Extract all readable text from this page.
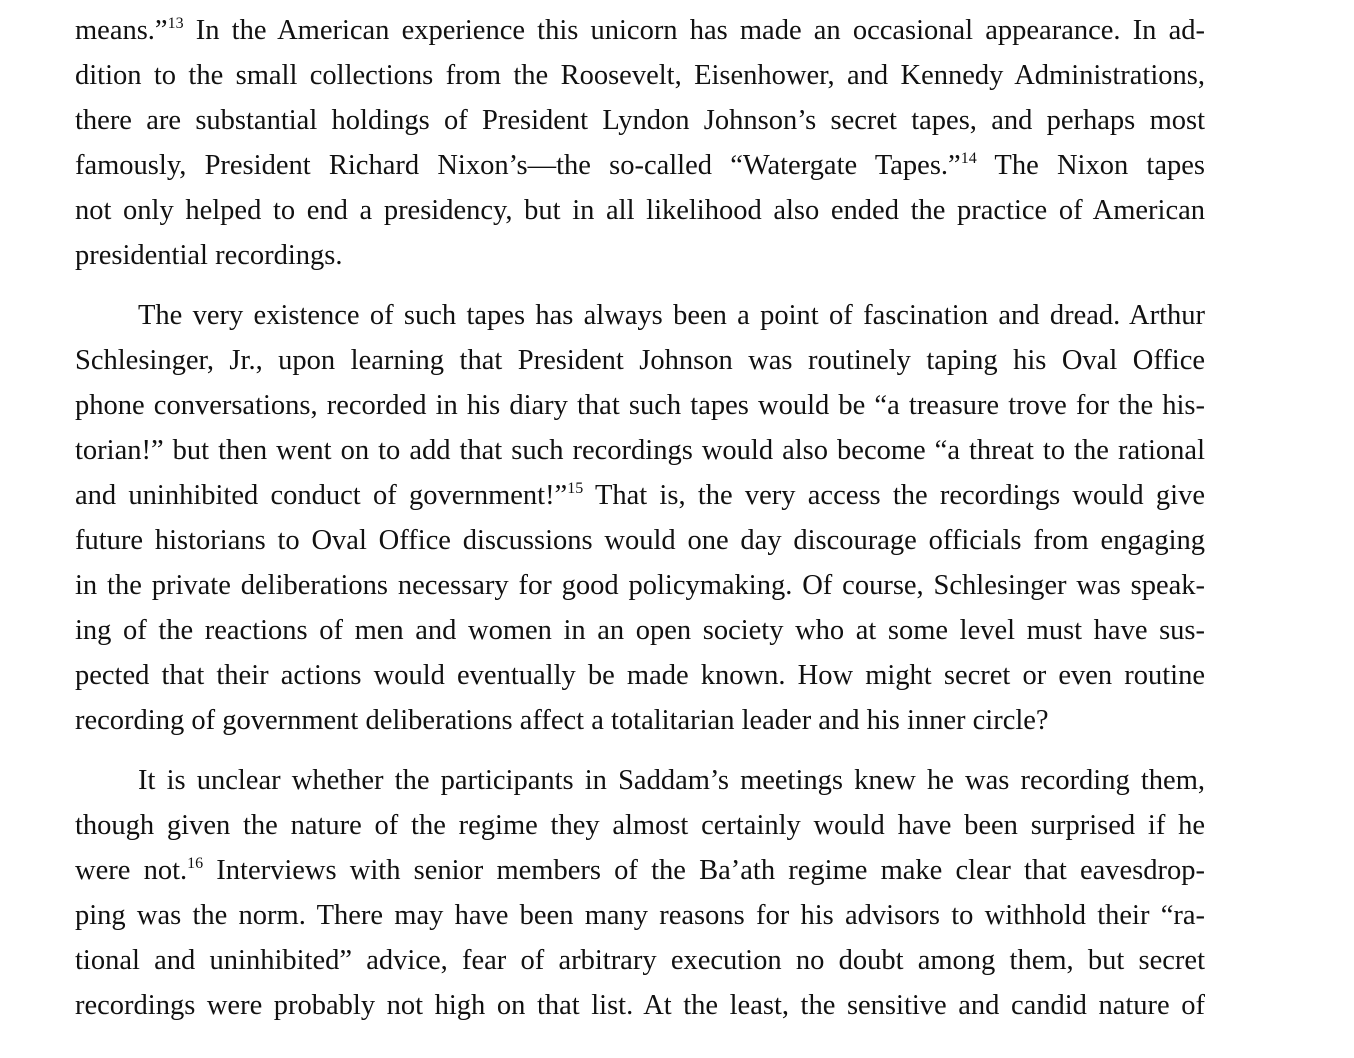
means.”$^{13}$ In the American experience this unicorn has made an occasional appearance. In ad-
dition to the small collections from the Roosevelt, Eisenhower, and Kennedy Administrations,
there are substantial holdings of President Lyndon Johnson’s secret tapes, and perhaps most
famously, President Richard Nixon’s—the so-called “Watergate Tapes.”$^{14}$ The Nixon tapes
not only helped to end a presidency, but in all likelihood also ended the practice of American
presidential recordings.
The very existence of such tapes has always been a point of fascination and dread. Arthur
Schlesinger, Jr., upon learning that President Johnson was routinely taping his Oval Office
phone conversations, recorded in his diary that such tapes would be “a treasure trove for the his-
torian!” but then went on to add that such recordings would also become “a threat to the rational
and uninhibited conduct of government!”$^{15}$ That is, the very access the recordings would give
future historians to Oval Office discussions would one day discourage officials from engaging
in the private deliberations necessary for good policymaking. Of course, Schlesinger was speak-
ing of the reactions of men and women in an open society who at some level must have sus-
pected that their actions would eventually be made known. How might secret or even routine
recording of government deliberations affect a totalitarian leader and his inner circle?
It is unclear whether the participants in Saddam’s meetings knew he was recording them,
though given the nature of the regime they almost certainly would have been surprised if he
were not.$^{16}$ Interviews with senior members of the Ba’ath regime make clear that eavesdrop-
ping was the norm. There may have been many reasons for his advisors to withhold their “ra-
tional and uninhibited” advice, fear of arbitrary execution no doubt among them, but secret
recordings were probably not high on that list. At the least, the sensitive and candid nature of
